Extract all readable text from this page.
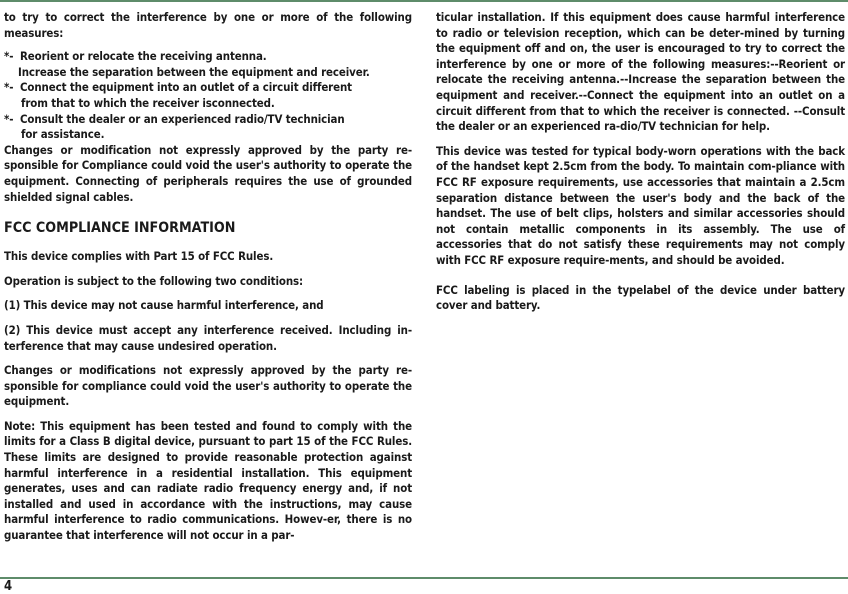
to try to correct the interference by one or more of the following measures:

*- Reorient or relocate the receiving antenna.

Increase the separation between the equipment and receiver.

*- Connect the equipment into an outlet of a circuit different

from that to which the receiver isconnected.

*- Consult the dealer or an experienced radio/TV technician

for assistance.

Changes or modification not expressly approved by the party re-sponsible for Compliance could void the user's authority to operate the equipment. Connecting of peripherals requires the use of grounded shielded signal cables.

FCC COMPLIANCE INFORMATION

This device complies with Part 15 of FCC Rules.

Operation is subject to the following two conditions:

(1) This device may not cause harmful interference, and

(2) This device must accept any interference received. Including in-terference that may cause undesired operation.

Changes or modifications not expressly approved by the party re-sponsible for compliance could void the user's authority to operate the equipment.

Note: This equipment has been tested and found to comply with the limits for a Class B digital device, pursuant to part 15 of the FCC Rules. These limits are designed to provide reasonable protection against harmful interference in a residential installation. This equipment generates, uses and can radiate radio frequency energy and, if not installed and used in accordance with the instructions, may cause harmful interference to radio communications. Howev-er, there is no guarantee that interference will not occur in a par-

ticular installation. If this equipment does cause harmful interference to radio or television reception, which can be deter-mined by turning the equipment off and on, the user is encouraged to try to correct the interference by one or more of the following measures:--Reorient or relocate the receiving antenna.--Increase the separation between the equipment and receiver.--Connect the equipment into an outlet on a circuit different from that to which the receiver is connected. --Consult the dealer or an experienced ra-dio/TV technician for help.

This device was tested for typical body-worn operations with the back of the handset kept 2.5cm from the body. To maintain com-pliance with FCC RF exposure requirements, use accessories that maintain a 2.5cm separation distance between the user's body and the back of the handset. The use of belt clips, holsters and similar accessories should not contain metallic components in its assembly. The use of accessories that do not satisfy these requirements may not comply with FCC RF exposure require-ments, and should be avoided.

FCC labeling is placed in the typelabel of the device under battery cover and battery.

4
